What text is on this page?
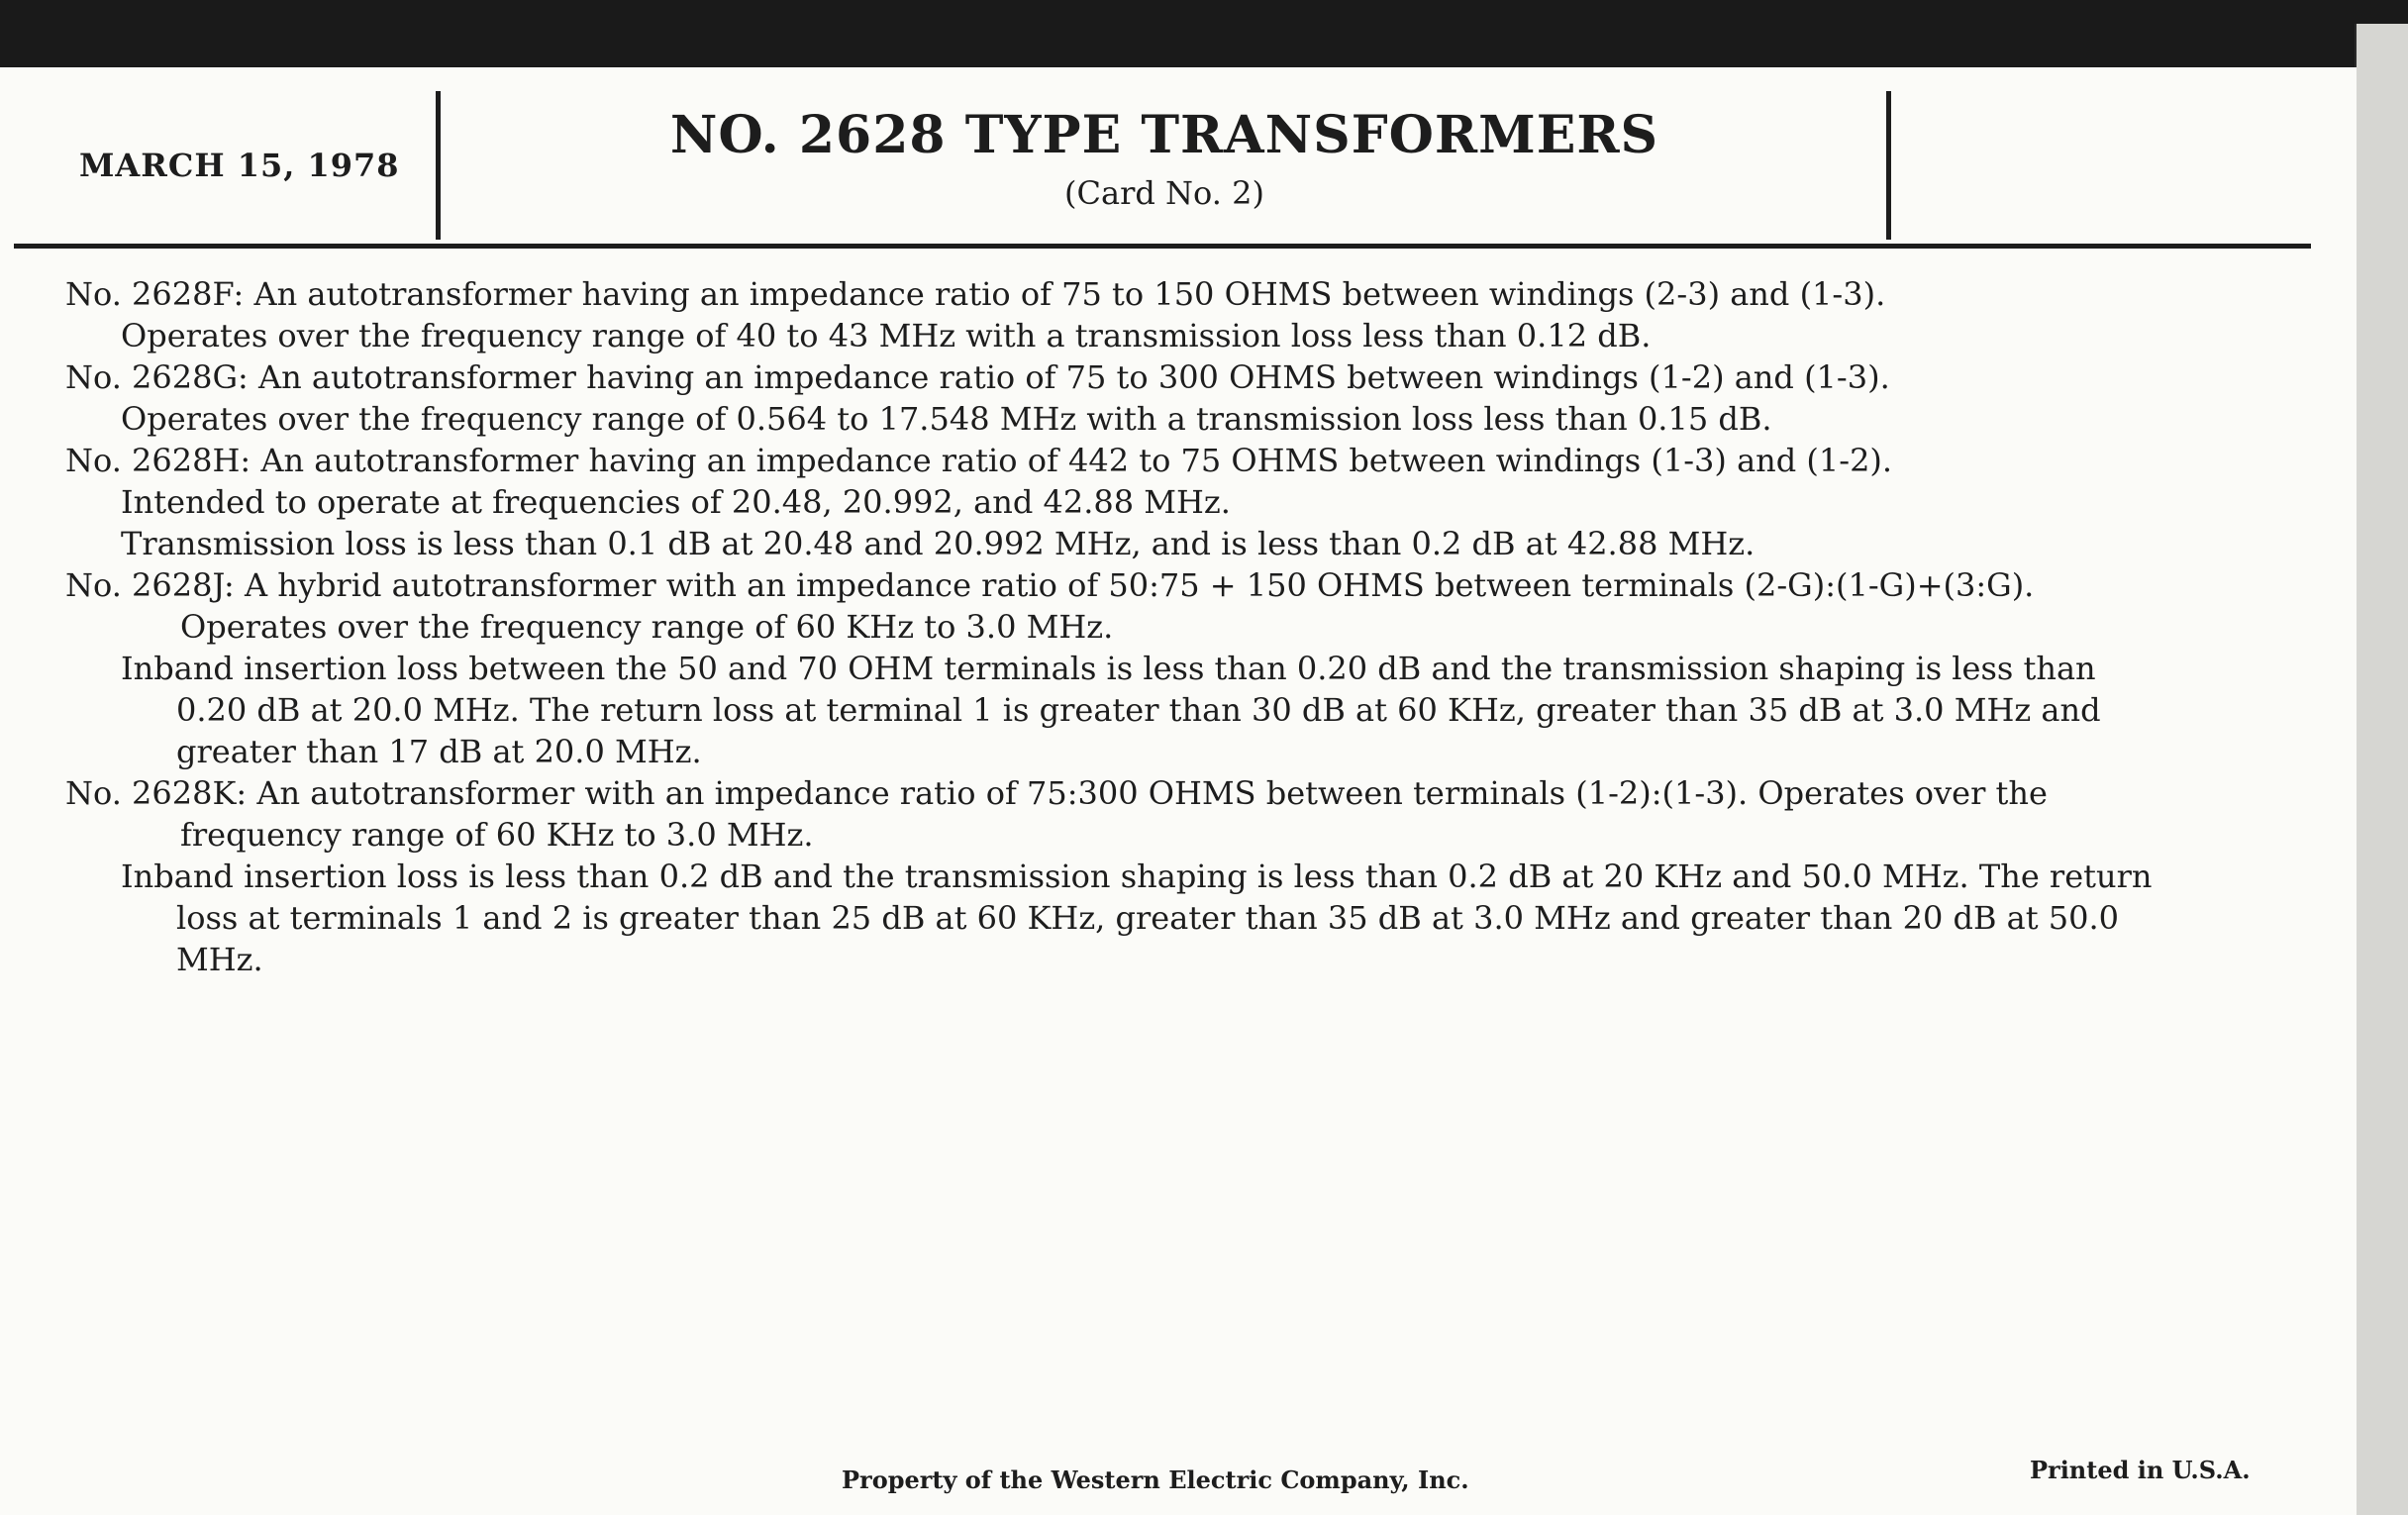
MARCH 15, 1978	NO. 2628 TYPE TRANSFORMERS
(Card No. 2)
No. 2628F: An autotransformer having an impedance ratio of 75 to 150 OHMS between windings (2-3) and (1-3).
Operates over the frequency range of 40 to 43 MHz with a transmission loss less than 0.12 dB.
No. 2628G: An autotransformer having an impedance ratio of 75 to 300 OHMS between windings (1-2) and (1-3).
Operates over the frequency range of 0.564 to 17.548 MHz with a transmission loss less than 0.15 dB.
No. 2628H: An autotransformer having an impedance ratio of 442 to 75 OHMS between windings (1-3) and (1-2).
Intended to operate at frequencies of 20.48, 20.992, and 42.88 MHz.
Transmission loss is less than 0.1 dB at 20.48 and 20.992 MHz, and is less than 0.2 dB at 42.88 MHz.
No. 2628J: A hybrid autotransformer with an impedance ratio of 50:75 + 150 OHMS between terminals (2-G):(1-G)+(3:G).
Operates over the frequency range of 60 KHz to 3.0 MHz.
Inband insertion loss between the 50 and 70 OHM terminals is less than 0.20 dB and the transmission shaping is less than
0.20 dB at 20.0 MHz. The return loss at terminal 1 is greater than 30 dB at 60 KHz, greater than 35 dB at 3.0 MHz and
greater than 17 dB at 20.0 MHz.
No. 2628K: An autotransformer with an impedance ratio of 75:300 OHMS between terminals (1-2):(1-3). Operates over the
frequency range of 60 KHz to 3.0 MHz.
Inband insertion loss is less than 0.2 dB and the transmission shaping is less than 0.2 dB at 20 KHz and 50.0 MHz. The return
loss at terminals 1 and 2 is greater than 25 dB at 60 KHz, greater than 35 dB at 3.0 MHz and greater than 20 dB at 50.0
MHz.
Property of the Western Electric Company, Inc.	Printed in U.S.A.
